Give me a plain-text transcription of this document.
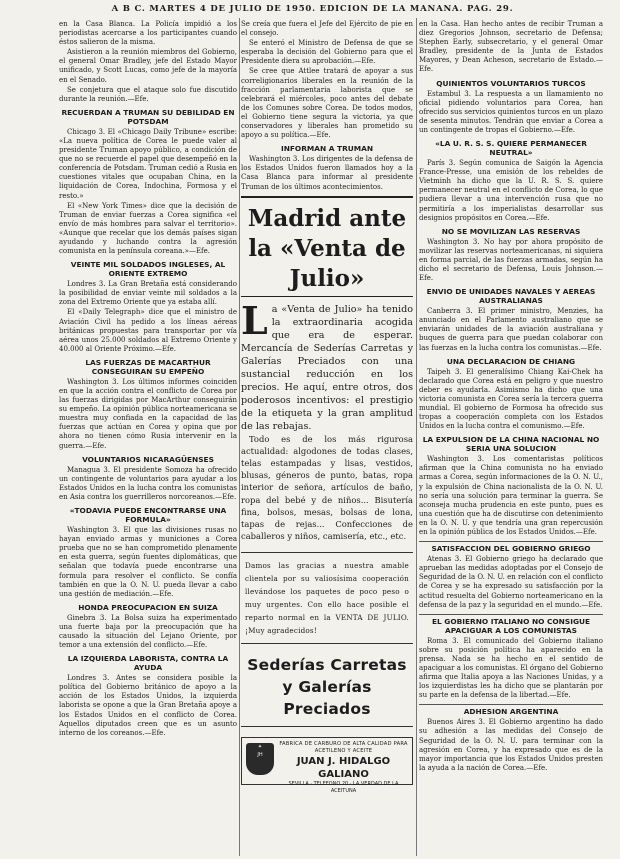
A B C. MARTES 4 DE JULIO DE 1950. EDICION DE LA MAÑANA. PAG. 29.

en la Casa Blanca. La Policía impidió a los periodistas acercarse a los participantes cuando éstos salieron de la misma.

Asistieron a la reunión miembros del Gobierno, el general Omar Bradley, jefe del Estado Mayor unificado, y Scott Lucas, como jefe de la mayoría en el Senado.

Se conjetura que el ataque solo fue discutido durante la reunión.—Efe.

RECUERDAN A TRUMAN SU DEBILIDAD EN POTSDAM

Chicago 3. El «Chicago Daily Tribune» escribe: «La nueva política de Corea le puede valer al presidente Truman apoyo público, a condición de que no se recuerde el papel que desempeñó en la conferencia de Potsdam. Truman cedió a Rusia en cuestiones vitales que ocupaban China, en la liquidación de Corea, Indochina, Formosa y el resto.»

El «New York Times» dice que la decisión de Truman de enviar fuerzas a Corea significa «el envío de más hombres para salvar el territorio». «Aunque que recelar que los demás países sigan ayudando y luchando contra la agresión comunista en la península coreana.»—Efe.

VEINTE MIL SOLDADOS INGLESES, AL ORIENTE EXTREMO

Londres 3. La Gran Bretaña está considerando la posibilidad de enviar veinte mil soldados a la zona del Extremo Oriente que ya estaba allí.

El «Daily Telegraph» dice que el ministro de Aviación Civil ha pedido a los líneas aéreas británicas propuestas para transportar por vía aérea unos 25.000 soldados al Extremo Oriente y 40.000 al Oriente Próximo.—Efe.

LAS FUERZAS DE MACARTHUR CONSEGUIRAN SU EMPEÑO

Washington 3. Los últimos informes coinciden en que la acción contra el conflicto de Corea por las fuerzas dirigidas por MacArthur conseguirán su empeño. La opinión pública norteamericana se muestra muy confiada en la capacidad de las fuerzas que actúan en Corea y opina que por ahora no tienen cómo Rusia intervenir en la guerra.—Efe.

VOLUNTARIOS NICARAGÜENSES

Managua 3. El presidente Somoza ha ofrecido un contingente de voluntarios para ayudar a los Estados Unidos en la lucha contra los comunistas en Asia contra los guerrilleros norcoreanos.—Efe.

«TODAVIA PUEDE ENCONTRARSE UNA FORMULA»

Washington 3. El que las divisiones rusas no hayan enviado armas y municiones a Corea prueba que no se han comprometido plenamente en esta guerra, según fuentes diplomáticas, que señalan que todavía puede encontrarse una formula para resolver el conflicto. Se confía también en que la O. N. U. pueda llevar a cabo una gestión de mediación.—Efe.

HONDA PREOCUPACION EN SUIZA

Ginebra 3. La Bolsa suiza ha experimentado una fuerte baja por la preocupación que ha causado la situación del Lejano Oriente, por temor a una extensión del conflicto.—Efe.

LA IZQUIERDA LABORISTA, CONTRA LA AYUDA

Londres 3. Antes se considera posible la política del Gobierno británico de apoyo a la acción de los Estados Unidos, la izquierda laborista se opone a que la Gran Bretaña apoye a los Estados Unidos en el conflicto de Corea. Aquellos diputados creen que es un asunto interno de los coreanos.—Efe.

Se creía que fuera el Jefe del Ejército de pie en el consejo.

Se enteró el Ministro de Defensa de que se esperaba la decisión del Gobierno para que el Presidente diera su aprobación.—Efe.

Se cree que Attlee tratará de apoyar a sus correligionarios liberales en la reunión de la fracción parlamentaria laborista que se celebrará el miércoles, poco antes del debate de los Comunes sobre Corea. De todos modos, el Gobierno tiene segura la victoria, ya que conservadores y liberales han prometido su apoyo a su política.—Efe.

INFORMAN A TRUMAN

Washington 3. Los dirigentes de la defensa de los Estados Unidos fueron llamados hoy a la Casa Blanca para informar al presidente Truman de los últimos acontecimientos.

Madrid ante la «Venta de Julio»
L a «Venta de Julio» ha tenido la extraordinaria acogida que era de esperar. Mercancía de Sederías Carretas y Galerías Preciados con una sustancial reducción en los precios. He aquí, entre otros, dos poderosos incentivos: el prestigio de la etiqueta y la gran amplitud de las rebajas.

Todo es de los más rigurosa actualidad: algodones de todas clases, telas estampadas y lisas, vestidos, blusas, géneros de punto, batas, ropa interior de señora, artículos de baño, ropa del bebé y de niños... Bisutería fina, bolsos, mesas, bolsas de lona, tapas de rejas... Confecciones de caballeros y niños, camisería, etc., etc.

Damos las gracias a nuestra amable clientela por su valiosísima cooperación llevándose los paquetes de poco peso o muy urgentes. Con ello hace posible el reparto normal en la VENTA DE JULIO. ¡Muy agradecidos!
Sederías Carretas y Galerías Preciados
✦
JH
FABRICA DE CARBURO DE ALTA CALIDAD PARA ACETILENO Y ACEITE
JUAN J. HIDALGO GALIANO
SEVILLA · TELEFONO 20 · LA VERDAD DE LA ACEITUNA

en la Casa. Han hecho antes de recibir Truman a diez Gregorios Johnson, secretario de Defensa; Stephen Early, subsecretario, y el general Omar Bradley, presidente de la Junta de Estados Mayores, y Dean Acheson, secretario de Estado.—Efe.

QUINIENTOS VOLUNTARIOS TURCOS

Estambul 3. La respuesta a un llamamiento no oficial pidiendo voluntarios para Corea, han ofrecido sus servicios quinientos turcos en un plazo de sesenta minutos. Tendrán que enviar a Corea a un contingente de tropas el Gobierno.—Efe.

«LA U. R. S. S. QUIERE PERMANECER NEUTRAL»

París 3. Según comunica de Saigón la Agencia France-Presse, una emisión de los rebeldes de Vietminh ha dicho que la U. R. S. S. quiere permanecer neutral en el conflicto de Corea, lo que pudiera llevar a una intervención rusa que no permitiría a los imperialistas desarrollar sus designios propósitos en Corea.—Efe.

NO SE MOVILIZAN LAS RESERVAS

Washington 3. No hay por ahora propósito de movilizar las reservas norteamericanas, ni siquiera en forma parcial, de las fuerzas armadas, según ha dicho el secretario de Defensa, Louis Johnson.—Efe.

ENVIO DE UNIDADES NAVALES Y AEREAS AUSTRALIANAS

Canberra 3. El primer ministro, Menzies, ha anunciado en el Parlamento australiano que se enviarán unidades de la aviación australiana y buques de guerra para que puedan colaborar con las fuerzas en la lucha contra los comunistas.—Efe.

UNA DECLARACION DE CHIANG

Taipeh 3. El generalísimo Chiang Kai-Chek ha declarado que Corea está en peligro y que nuestro deber es ayudarla. Asimismo ha dicho que una victoria comunista en Corea sería la tercera guerra mundial. El gobierno de Formosa ha ofrecido sus tropas a cooperación completa con los Estados Unidos en la lucha contra el comunismo.—Efe.

LA EXPULSION DE LA CHINA NACIONAL NO SERIA UNA SOLUCION

Washington 3. Los comentaristas políticos afirman que la China comunista no ha enviado armas a Corea, según informaciones de la O. N. U., y la expulsión de China nacionalista de la O. N. U. no sería una solución para terminar la guerra. Se aconseja mucha prudencia en este punto, pues es una cuestión que ha de discutirse con detenimiento en la O. N. U. y que tendría una gran repercusión en la opinión pública de los Estados Unidos.—Efe.

SATISFACCION DEL GOBIERNO GRIEGO

Atenas 3. El Gobierno griego ha declarado que aprueban las medidas adoptadas por el Consejo de Seguridad de la O. N. U. en relación con el conflicto de Corea y se ha expresado su satisfacción por la actitud resuelta del Gobierno norteamericano en la defensa de la paz y la seguridad en el mundo.—Efe.

EL GOBIERNO ITALIANO NO CONSIGUE APACIGUAR A LOS COMUNISTAS

Roma 3. El comunicado del Gobierno italiano sobre su posición política ha aparecido en la prensa. Nada se ha hecho en el sentido de apaciguar a los comunistas. El órgano del Gobierno afirma que Italia apoya a las Naciones Unidas, y a los izquierdistas les ha dicho que se plantarán por su parte en la defensa de la libertad.—Efe.

ADHESION ARGENTINA

Buenos Aires 3. El Gobierno argentino ha dado su adhesión a las medidas del Consejo de Seguridad de la O. N. U. para terminar con la agresión en Corea, y ha expresado que es de la mayor importancia que los Estados Unidos presten la ayuda a la nación de Corea.—Efe.
